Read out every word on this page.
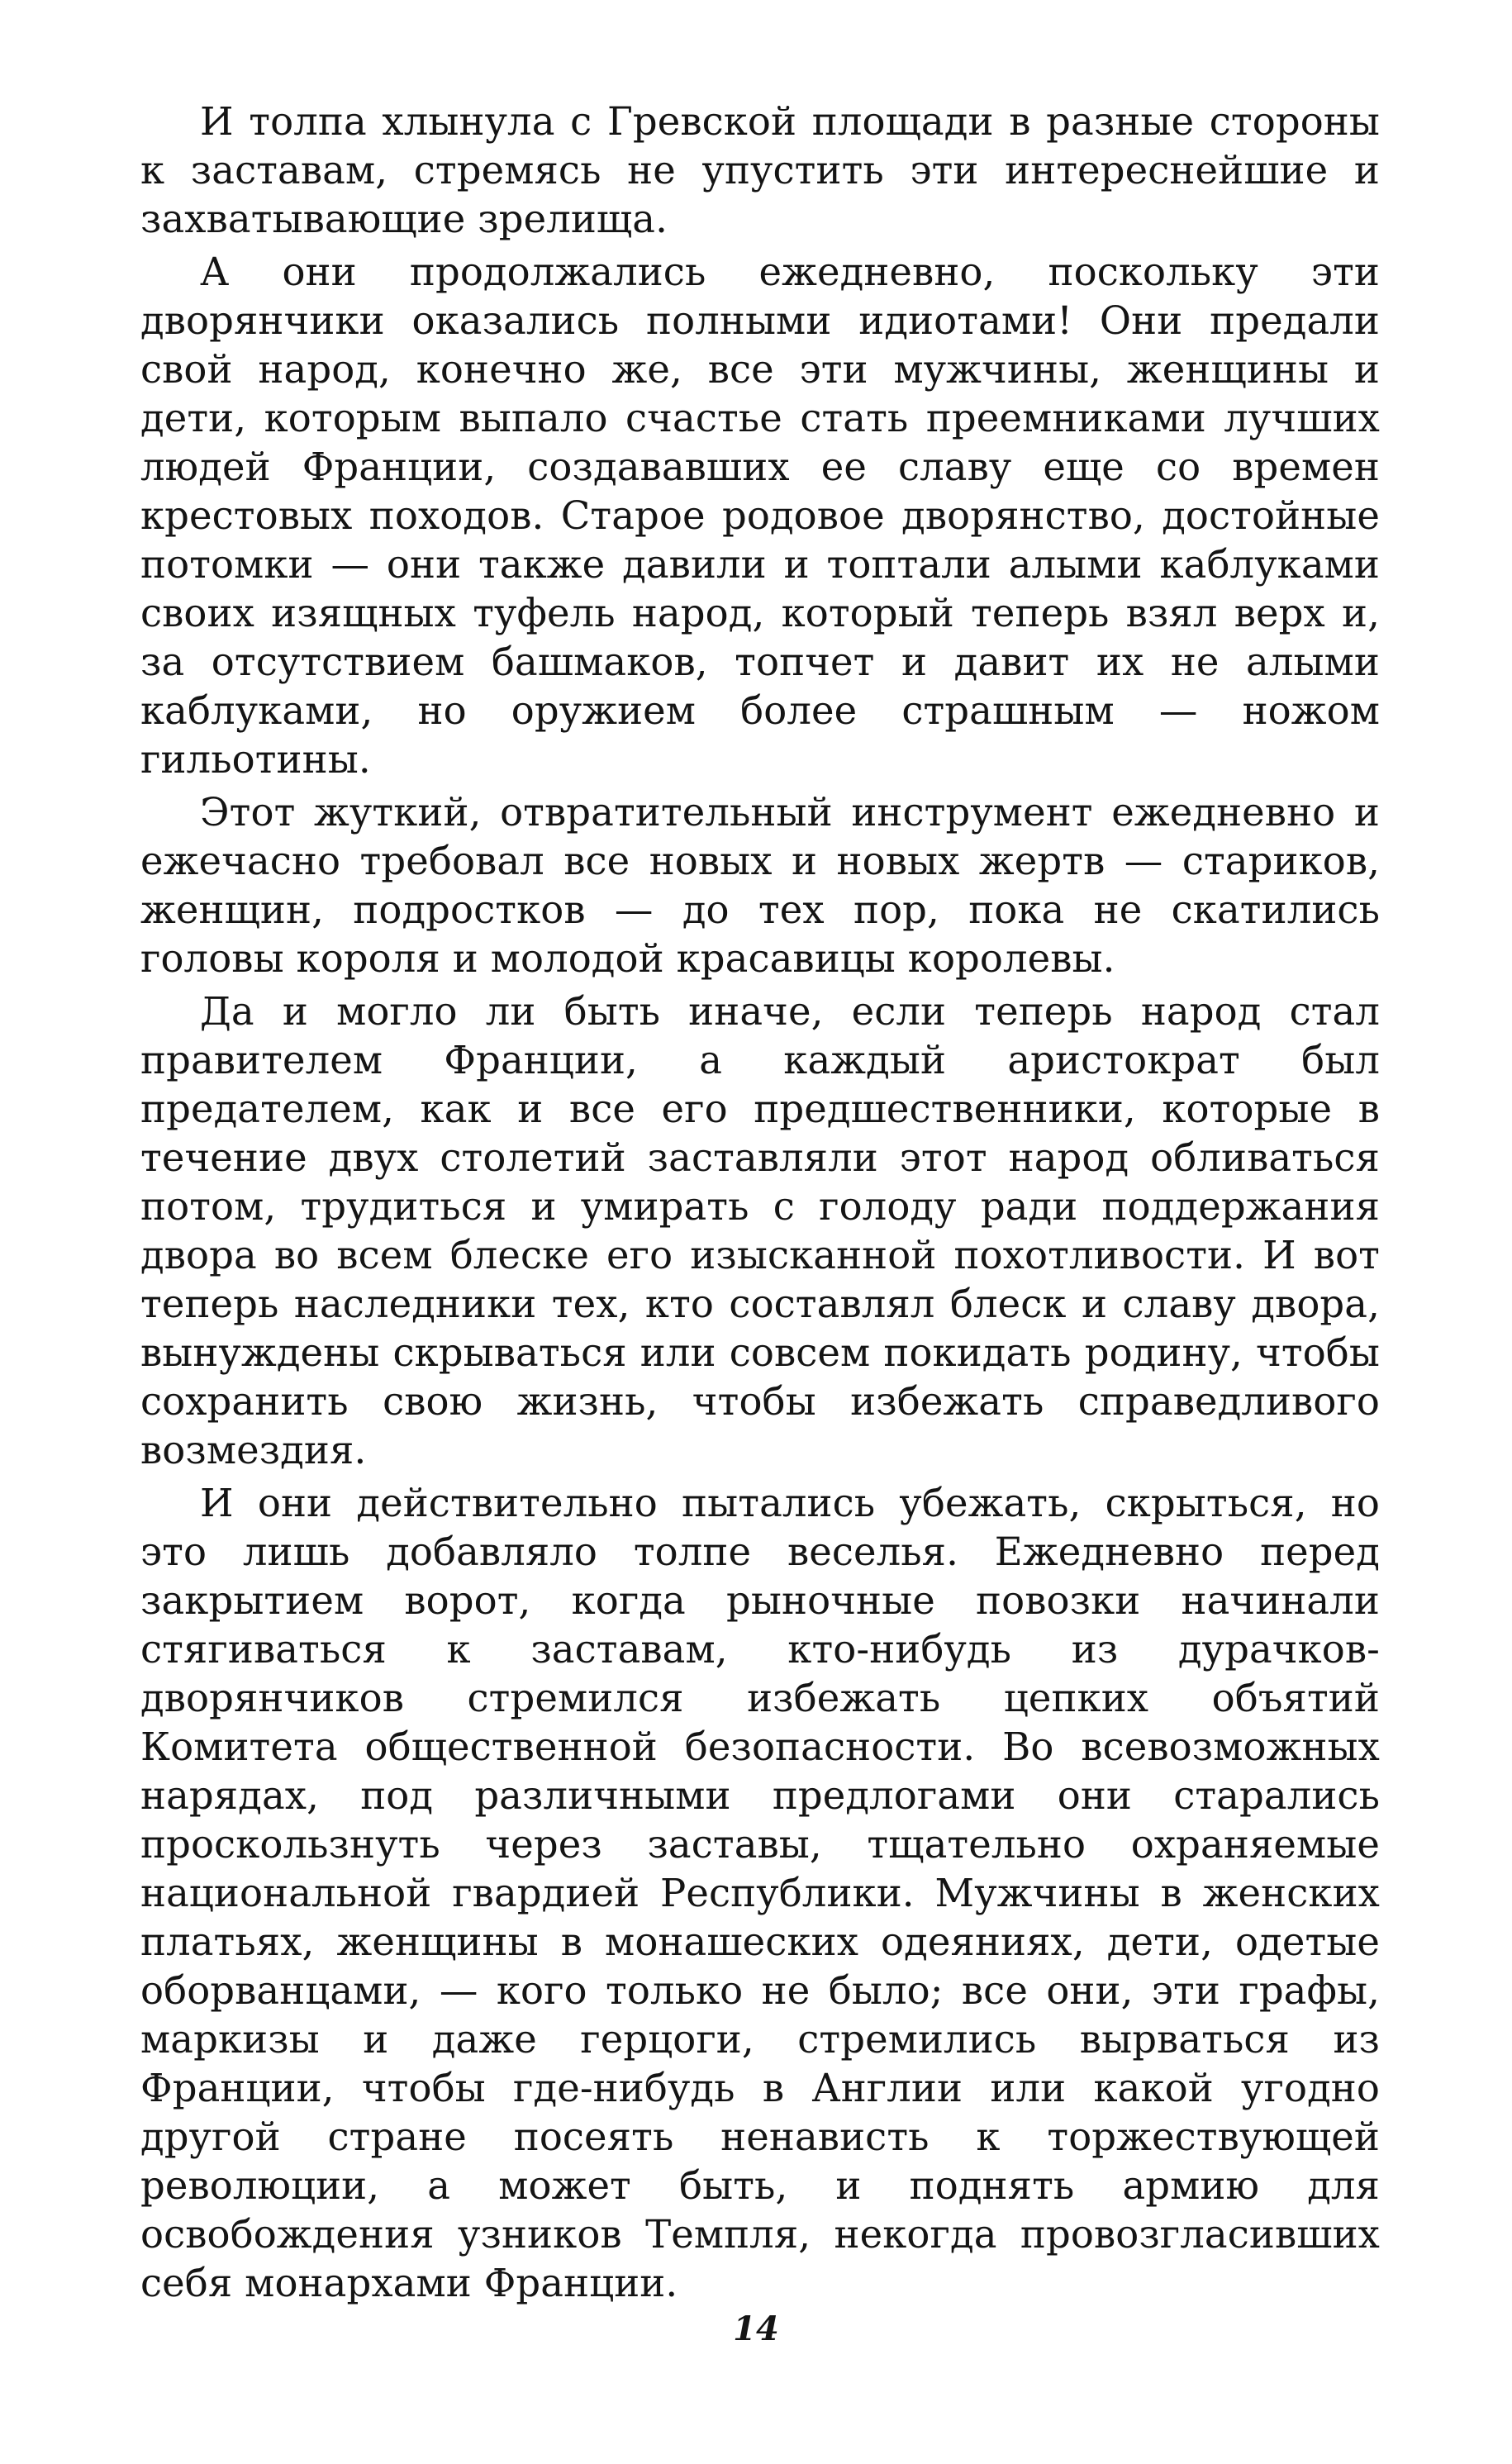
И толпа хлынула с Гревской площади в разные стороны к заставам, стремясь не упустить эти интереснейшие и захватывающие зрелища.

А они продолжались ежедневно, поскольку эти дворянчики оказались полными идиотами! Они предали свой народ, конечно же, все эти мужчины, женщины и дети, которым выпало счастье стать преемниками лучших людей Франции, создававших ее славу еще со времен крестовых походов. Старое родовое дворянство, достойные потомки — они также давили и топтали алыми каблуками своих изящных туфель народ, который теперь взял верх и, за отсутствием башмаков, топчет и давит их не алыми каблуками, но оружием более страшным — ножом гильотины.

Этот жуткий, отвратительный инструмент ежедневно и ежечасно требовал все новых и новых жертв — стариков, женщин, подростков — до тех пор, пока не скатились головы короля и молодой красавицы королевы.

Да и могло ли быть иначе, если теперь народ стал правителем Франции, а каждый аристократ был предателем, как и все его предшественники, которые в течение двух столетий заставляли этот народ обливаться потом, трудиться и умирать с голоду ради поддержания двора во всем блеске его изысканной похотливости. И вот теперь наследники тех, кто составлял блеск и славу двора, вынуждены скрываться или совсем покидать родину, чтобы сохранить свою жизнь, чтобы избежать справедливого возмездия.

И они действительно пытались убежать, скрыться, но это лишь добавляло толпе веселья. Ежедневно перед закрытием ворот, когда рыночные повозки начинали стягиваться к заставам, кто-нибудь из дурачков-дворянчиков стремился избежать цепких объятий Комитета общественной безопасности. Во всевозможных нарядах, под различными предлогами они старались проскользнуть через заставы, тщательно охраняемые национальной гвардией Республики. Мужчины в женских платьях, женщины в монашеских одеяниях, дети, одетые оборванцами, — кого только не было; все они, эти графы, маркизы и даже герцоги, стремились вырваться из Франции, чтобы где-нибудь в Англии или какой угодно другой стране посеять ненависть к торжествующей революции, а может быть, и поднять армию для освобождения узников Темпля, некогда провозгласивших себя монархами Франции.

14
